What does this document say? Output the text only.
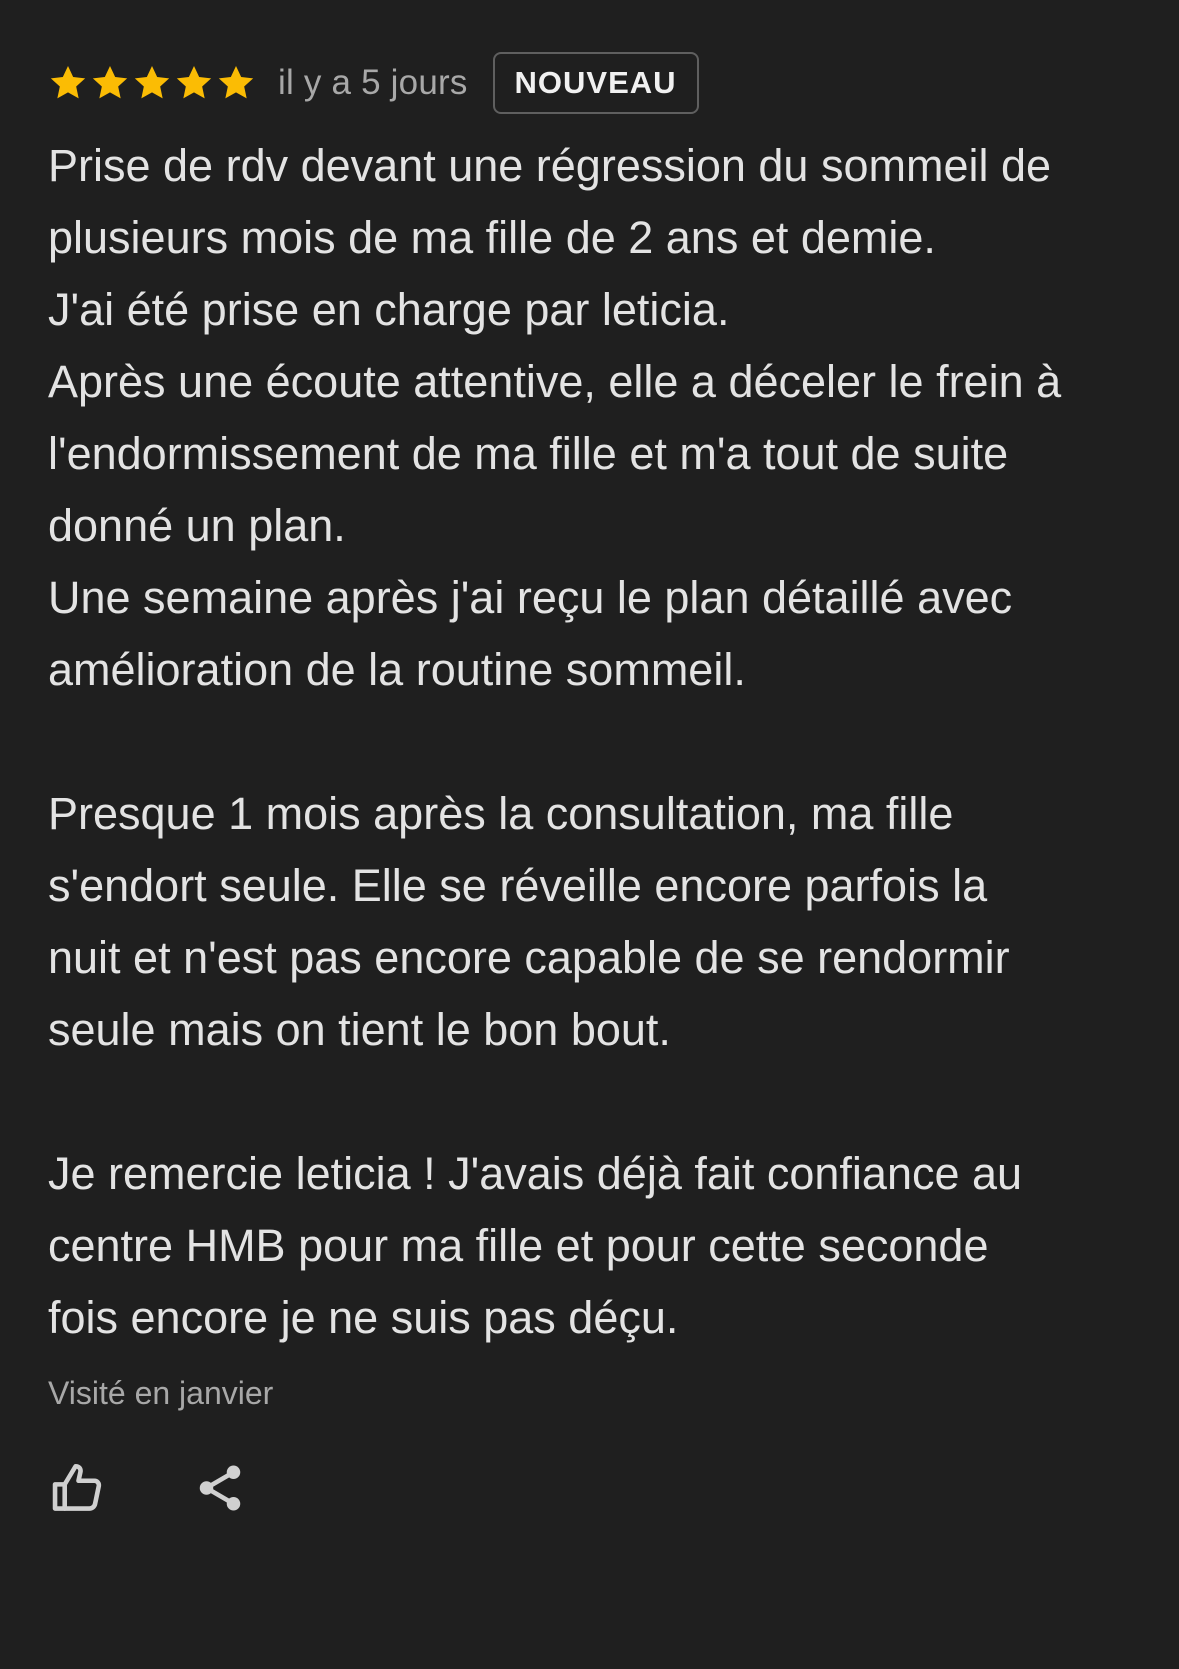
il y a 5 jours	NOUVEAU
Prise de rdv devant une régression du sommeil de
plusieurs mois de ma fille de 2 ans et demie.
J'ai été prise en charge par leticia.
Après une écoute attentive, elle a déceler le frein à
l'endormissement de ma fille et m'a tout de suite
donné un plan.
Une semaine après j'ai reçu le plan détaillé avec
amélioration de la routine sommeil.
Presque 1 mois après la consultation, ma fille
s'endort seule. Elle se réveille encore parfois la
nuit et n'est pas encore capable de se rendormir
seule mais on tient le bon bout.
Je remercie leticia ! J'avais déjà fait confiance au
centre HMB pour ma fille et pour cette seconde
fois encore je ne suis pas déçu.
Visité en janvier
